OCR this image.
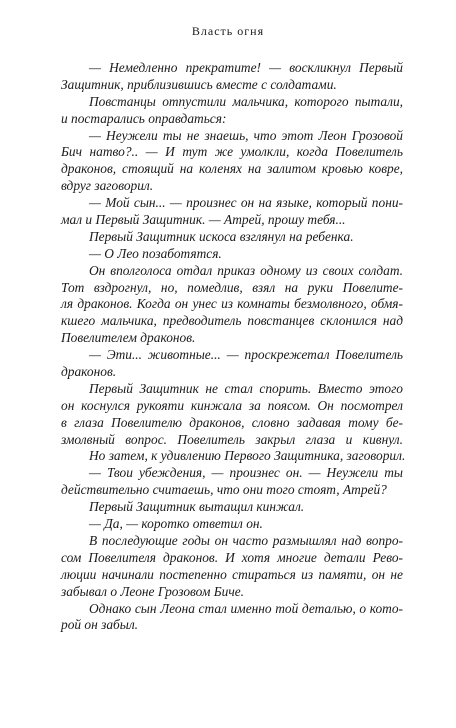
Власть огня
— Немедленно прекратите! — воскликнул Первый
Защитник, приблизившись вместе с солдатами.
Повстанцы отпустили мальчика, которого пытали,
и постарались оправдаться:
— Неужели ты не знаешь, что этот Леон Грозовой
Бич натво?.. — И тут же умолкли, когда Повелитель
драконов, стоящий на коленях на залитом кровью ковре,
вдруг заговорил.
— Мой сын... — произнес он на языке, который пони-
мал и Первый Защитник. — Атрей, прошу тебя...
Первый Защитник искоса взглянул на ребенка.
— О Лео позаботятся.
Он вполголоса отдал приказ одному из своих солдат.
Тот вздрогнул, но, помедлив, взял на руки Повелите-
ля драконов. Когда он унес из комнаты безмолвного, обмя-
кшего мальчика, предводитель повстанцев склонился над
Повелителем драконов.
— Эти... животные... — проскрежетал Повелитель
драконов.
Первый Защитник не стал спорить. Вместо этого
он коснулся рукояти кинжала за поясом. Он посмотрел
в глаза Повелителю драконов, словно задавая тому бе-
змолвный вопрос. Повелитель закрыл глаза и кивнул.
Но затем, к удивлению Первого Защитника, заговорил.
— Твои убеждения, — произнес он. — Неужели ты
действительно считаешь, что они того стоят, Атрей?
Первый Защитник вытащил кинжал.
— Да, — коротко ответил он.
В последующие годы он часто размышлял над вопро-
сом Повелителя драконов. И хотя многие детали Рево-
люции начинали постепенно стираться из памяти, он не
забывал о Леоне Грозовом Биче.
Однако сын Леона стал именно той деталью, о кото-
рой он забыл.
